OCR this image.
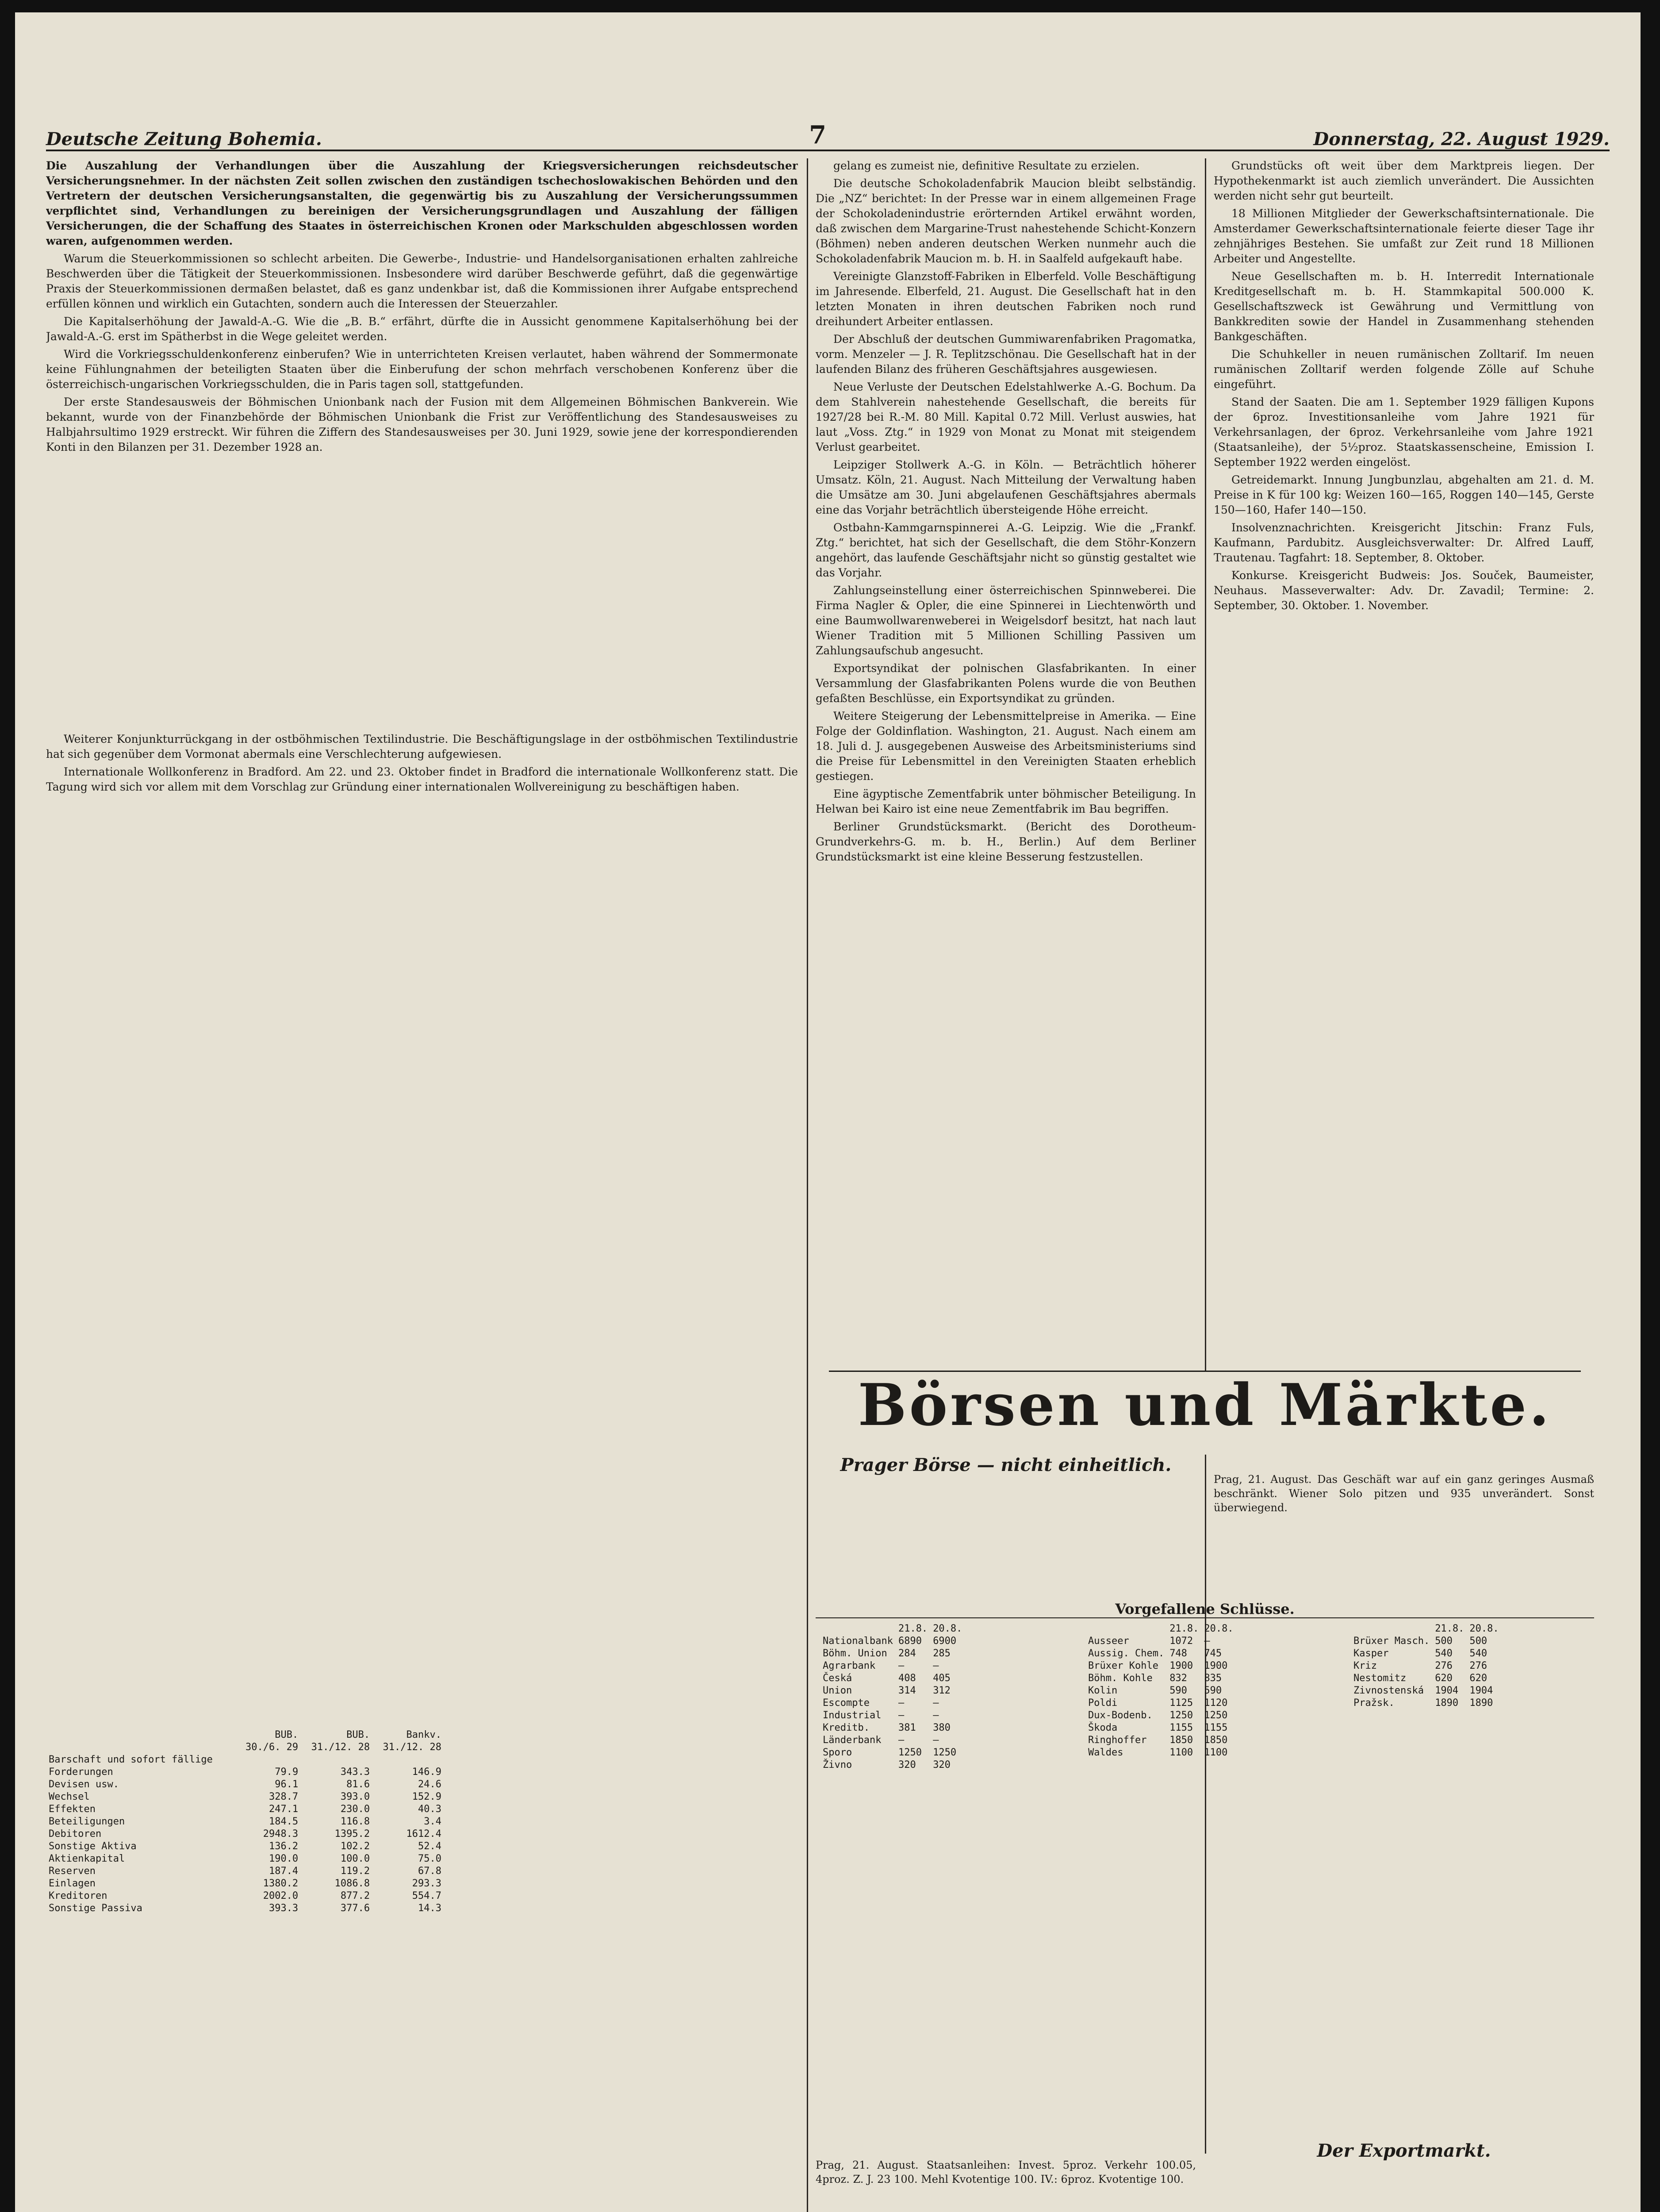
Deutsche Zeitung Bohemia.	7	Donnerstag, 22. August 1929.

Die Auszahlung der Verhandlungen über die Auszahlung der Kriegsversicherungen reichsdeutscher Versicherungsnehmer. In der nächsten Zeit sollen zwischen den zuständigen tschechoslowakischen Behörden und den Vertretern der deutschen Versicherungsanstalten, die gegenwärtig bis zu Auszahlung der Versicherungssummen verpflichtet sind, Verhandlungen zu bereinigen der Versicherungsgrundlagen und Auszahlung der fälligen Versicherungen, die der Schaffung des Staates in österreichischen Kronen oder Markschulden abgeschlossen worden waren, aufgenommen werden.

Warum die Steuerkommissionen so schlecht arbeiten. Die Gewerbe-, Industrie- und Handelsorganisationen erhalten zahlreiche Beschwerden über die Tätigkeit der Steuerkommissionen. Insbesondere wird darüber Beschwerde geführt, daß die gegenwärtige Praxis der Steuerkommissionen dermaßen belastet, daß es ganz undenkbar ist, daß die Kommissionen ihrer Aufgabe entsprechend erfüllen können und wirklich ein Gutachten, sondern auch die Interessen der Steuerzahler.

Die Kapitalserhöhung der Jawald-A.-G. Wie die „B. B.“ erfährt, dürfte die in Aussicht genommene Kapitalserhöhung bei der Jawald-A.-G. erst im Spätherbst in die Wege geleitet werden.

Wird die Vorkriegsschuldenkonferenz einberufen? Wie in unterrichteten Kreisen verlautet, haben während der Sommermonate keine Fühlungnahmen der beteiligten Staaten über die Einberufung der schon mehrfach verschobenen Konferenz über die österreichisch-ungarischen Vorkriegsschulden, die in Paris tagen soll, stattgefunden.

Der erste Standesausweis der Böhmischen Unionbank nach der Fusion mit dem Allgemeinen Böhmischen Bankverein. Wie bekannt, wurde von der Finanzbehörde der Böhmischen Unionbank die Frist zur Veröffentlichung des Standesausweises zu Halbjahrsultimo 1929 erstreckt. Wir führen die Ziffern des Standesausweises per 30. Juni 1929, sowie jene der korrespondierenden Konti in den Bilanzen per 31. Dezember 1928 an.

Weiterer Konjunkturrückgang in der ostböhmischen Textilindustrie. Die Beschäftigungslage in der ostböhmischen Textilindustrie hat sich gegenüber dem Vormonat abermals eine Verschlechterung aufgewiesen.

Internationale Wollkonferenz in Bradford. Am 22. und 23. Oktober findet in Bradford die internationale Wollkonferenz statt. Die Tagung wird sich vor allem mit dem Vorschlag zur Gründung einer internationalen Wollvereinigung zu beschäftigen haben.

	BUB.	BUB.	Bankv.
	30./6. 29	31./12. 28	31./12. 28
Barschaft und sofort fällige			
Forderungen	79.9	343.3	146.9
Devisen usw.	96.1	81.6	24.6
Wechsel	328.7	393.0	152.9
Effekten	247.1	230.0	40.3
Beteiligungen	184.5	116.8	3.4
Debitoren	2948.3	1395.2	1612.4
Sonstige Aktiva	136.2	102.2	52.4
Aktienkapital	190.0	100.0	75.0
Reserven	187.4	119.2	67.8
Einlagen	1380.2	1086.8	293.3
Kreditoren	2002.0	877.2	554.7
Sonstige Passiva	393.3	377.6	14.3

gelang es zumeist nie, definitive Resultate zu erzielen.

Die deutsche Schokoladenfabrik Maucion bleibt selbständig. Die „NZ“ berichtet: In der Presse war in einem allgemeinen Frage der Schokoladenindustrie erörternden Artikel erwähnt worden, daß zwischen dem Margarine-Trust nahestehende Schicht-Konzern (Böhmen) neben anderen deutschen Werken nunmehr auch die Schokoladenfabrik Maucion m. b. H. in Saalfeld aufgekauft habe.

Vereinigte Glanzstoff-Fabriken in Elberfeld. Volle Beschäftigung im Jahresende. Elberfeld, 21. August. Die Gesellschaft hat in den letzten Monaten in ihren deutschen Fabriken noch rund dreihundert Arbeiter entlassen.

Der Abschluß der deutschen Gummiwarenfabriken Pragomatka, vorm. Menzeler — J. R. Teplitzschönau. Die Gesellschaft hat in der laufenden Bilanz des früheren Geschäftsjahres ausgewiesen.

Neue Verluste der Deutschen Edelstahlwerke A.-G. Bochum. Da dem Stahlverein nahestehende Gesellschaft, die bereits für 1927/28 bei R.-M. 80 Mill. Kapital 0.72 Mill. Verlust auswies, hat laut „Voss. Ztg.“ in 1929 von Monat zu Monat mit steigendem Verlust gearbeitet.

Leipziger Stollwerk A.-G. in Köln. — Beträchtlich höherer Umsatz. Köln, 21. August. Nach Mitteilung der Verwaltung haben die Umsätze am 30. Juni abgelaufenen Geschäftsjahres abermals eine das Vorjahr beträchtlich übersteigende Höhe erreicht.

Ostbahn-Kammgarnspinnerei A.-G. Leipzig. Wie die „Frankf. Ztg.“ berichtet, hat sich der Gesellschaft, die dem Stöhr-Konzern angehört, das laufende Geschäftsjahr nicht so günstig gestaltet wie das Vorjahr.

Zahlungseinstellung einer österreichischen Spinnweberei. Die Firma Nagler & Opler, die eine Spinnerei in Liechtenwörth und eine Baumwollwarenweberei in Weigelsdorf besitzt, hat nach laut Wiener Tradition mit 5 Millionen Schilling Passiven um Zahlungsaufschub angesucht.

Exportsyndikat der polnischen Glasfabrikanten. In einer Versammlung der Glasfabrikanten Polens wurde die von Beuthen gefaßten Beschlüsse, ein Exportsyndikat zu gründen.

Weitere Steigerung der Lebensmittelpreise in Amerika. — Eine Folge der Goldinflation. Washington, 21. August. Nach einem am 18. Juli d. J. ausgegebenen Ausweise des Arbeitsministeriums sind die Preise für Lebensmittel in den Vereinigten Staaten erheblich gestiegen.

Eine ägyptische Zementfabrik unter böhmischer Beteiligung. In Helwan bei Kairo ist eine neue Zementfabrik im Bau begriffen.

Berliner Grundstücksmarkt. (Bericht des Dorotheum-Grundverkehrs-G. m. b. H., Berlin.) Auf dem Berliner Grundstücksmarkt ist eine kleine Besserung festzustellen.

Grundstücks oft weit über dem Marktpreis liegen. Der Hypothekenmarkt ist auch ziemlich unverändert. Die Aussichten werden nicht sehr gut beurteilt.

18 Millionen Mitglieder der Gewerkschaftsinternationale. Die Amsterdamer Gewerkschaftsinternationale feierte dieser Tage ihr zehnjähriges Bestehen. Sie umfaßt zur Zeit rund 18 Millionen Arbeiter und Angestellte.

Neue Gesellschaften m. b. H. Interredit Internationale Kreditgesellschaft m. b. H. Stammkapital 500.000 K. Gesellschaftszweck ist Gewährung und Vermittlung von Bankkrediten sowie der Handel in Zusammenhang stehenden Bankgeschäften.

Die Schuhkeller in neuen rumänischen Zolltarif. Im neuen rumänischen Zolltarif werden folgende Zölle auf Schuhe eingeführt.

Stand der Saaten. Die am 1. September 1929 fälligen Kupons der 6proz. Investitionsanleihe vom Jahre 1921 für Verkehrsanlagen, der 6proz. Verkehrsanleihe vom Jahre 1921 (Staatsanleihe), der 5½proz. Staatskassenscheine, Emission I. September 1922 werden eingelöst.

Getreidemarkt. Innung Jungbunzlau, abgehalten am 21. d. M. Preise in K für 100 kg: Weizen 160—165, Roggen 140—145, Gerste 150—160, Hafer 140—150.

Insolvenznachrichten. Kreisgericht Jitschin: Franz Fuls, Kaufmann, Pardubitz. Ausgleichsverwalter: Dr. Alfred Lauff, Trautenau. Tagfahrt: 18. September, 8. Oktober.

Konkurse. Kreisgericht Budweis: Jos. Souček, Baumeister, Neuhaus. Masseverwalter: Adv. Dr. Zavadil; Termine: 2. September, 30. Oktober. 1. November.

Börsen und Märkte.
Prager Börse — nicht einheitlich.
Prag, 21. August. Das Geschäft war auf ein ganz geringes Ausmaß beschränkt. Wiener Solo pitzen und 935 unverändert. Sonst überwiegend.
Vorgefallene Schlüsse.
	21.8.	20.8.
Nationalbank	6890	6900
Böhm. Union	284	285
Agrarbank	—	—
Česká	408	405
Union	314	312
Escompte	—	—
Industrial	—	—
Kreditb.	381	380
Länderbank	—	—
Sporo	1250	1250
Živno	320	320
	21.8.	20.8.
Ausseer	1072	—
Aussig. Chem.	748	745
Brüxer Kohle	1900	1900
Böhm. Kohle	832	835
Kolin	590	590
Poldi	1125	1120
Dux-Bodenb.	1250	1250
Škoda	1155	1155
Ringhoffer	1850	1850
Waldes	1100	1100
	21.8.	20.8.
Brüxer Masch.	500	500
Kasper	540	540
Kriz	276	276
Nestomitz	620	620
Zivnostenská	1904	1904
Pražsk.	1890	1890
Der Exportmarkt.
Prag, 21. August. Staatsanleihen: Invest. 5proz. Verkehr 100.05, 4proz. Z. J. 23 100. Mehl Kvotentige 100. IV.: 6proz. Kvotentige 100.
